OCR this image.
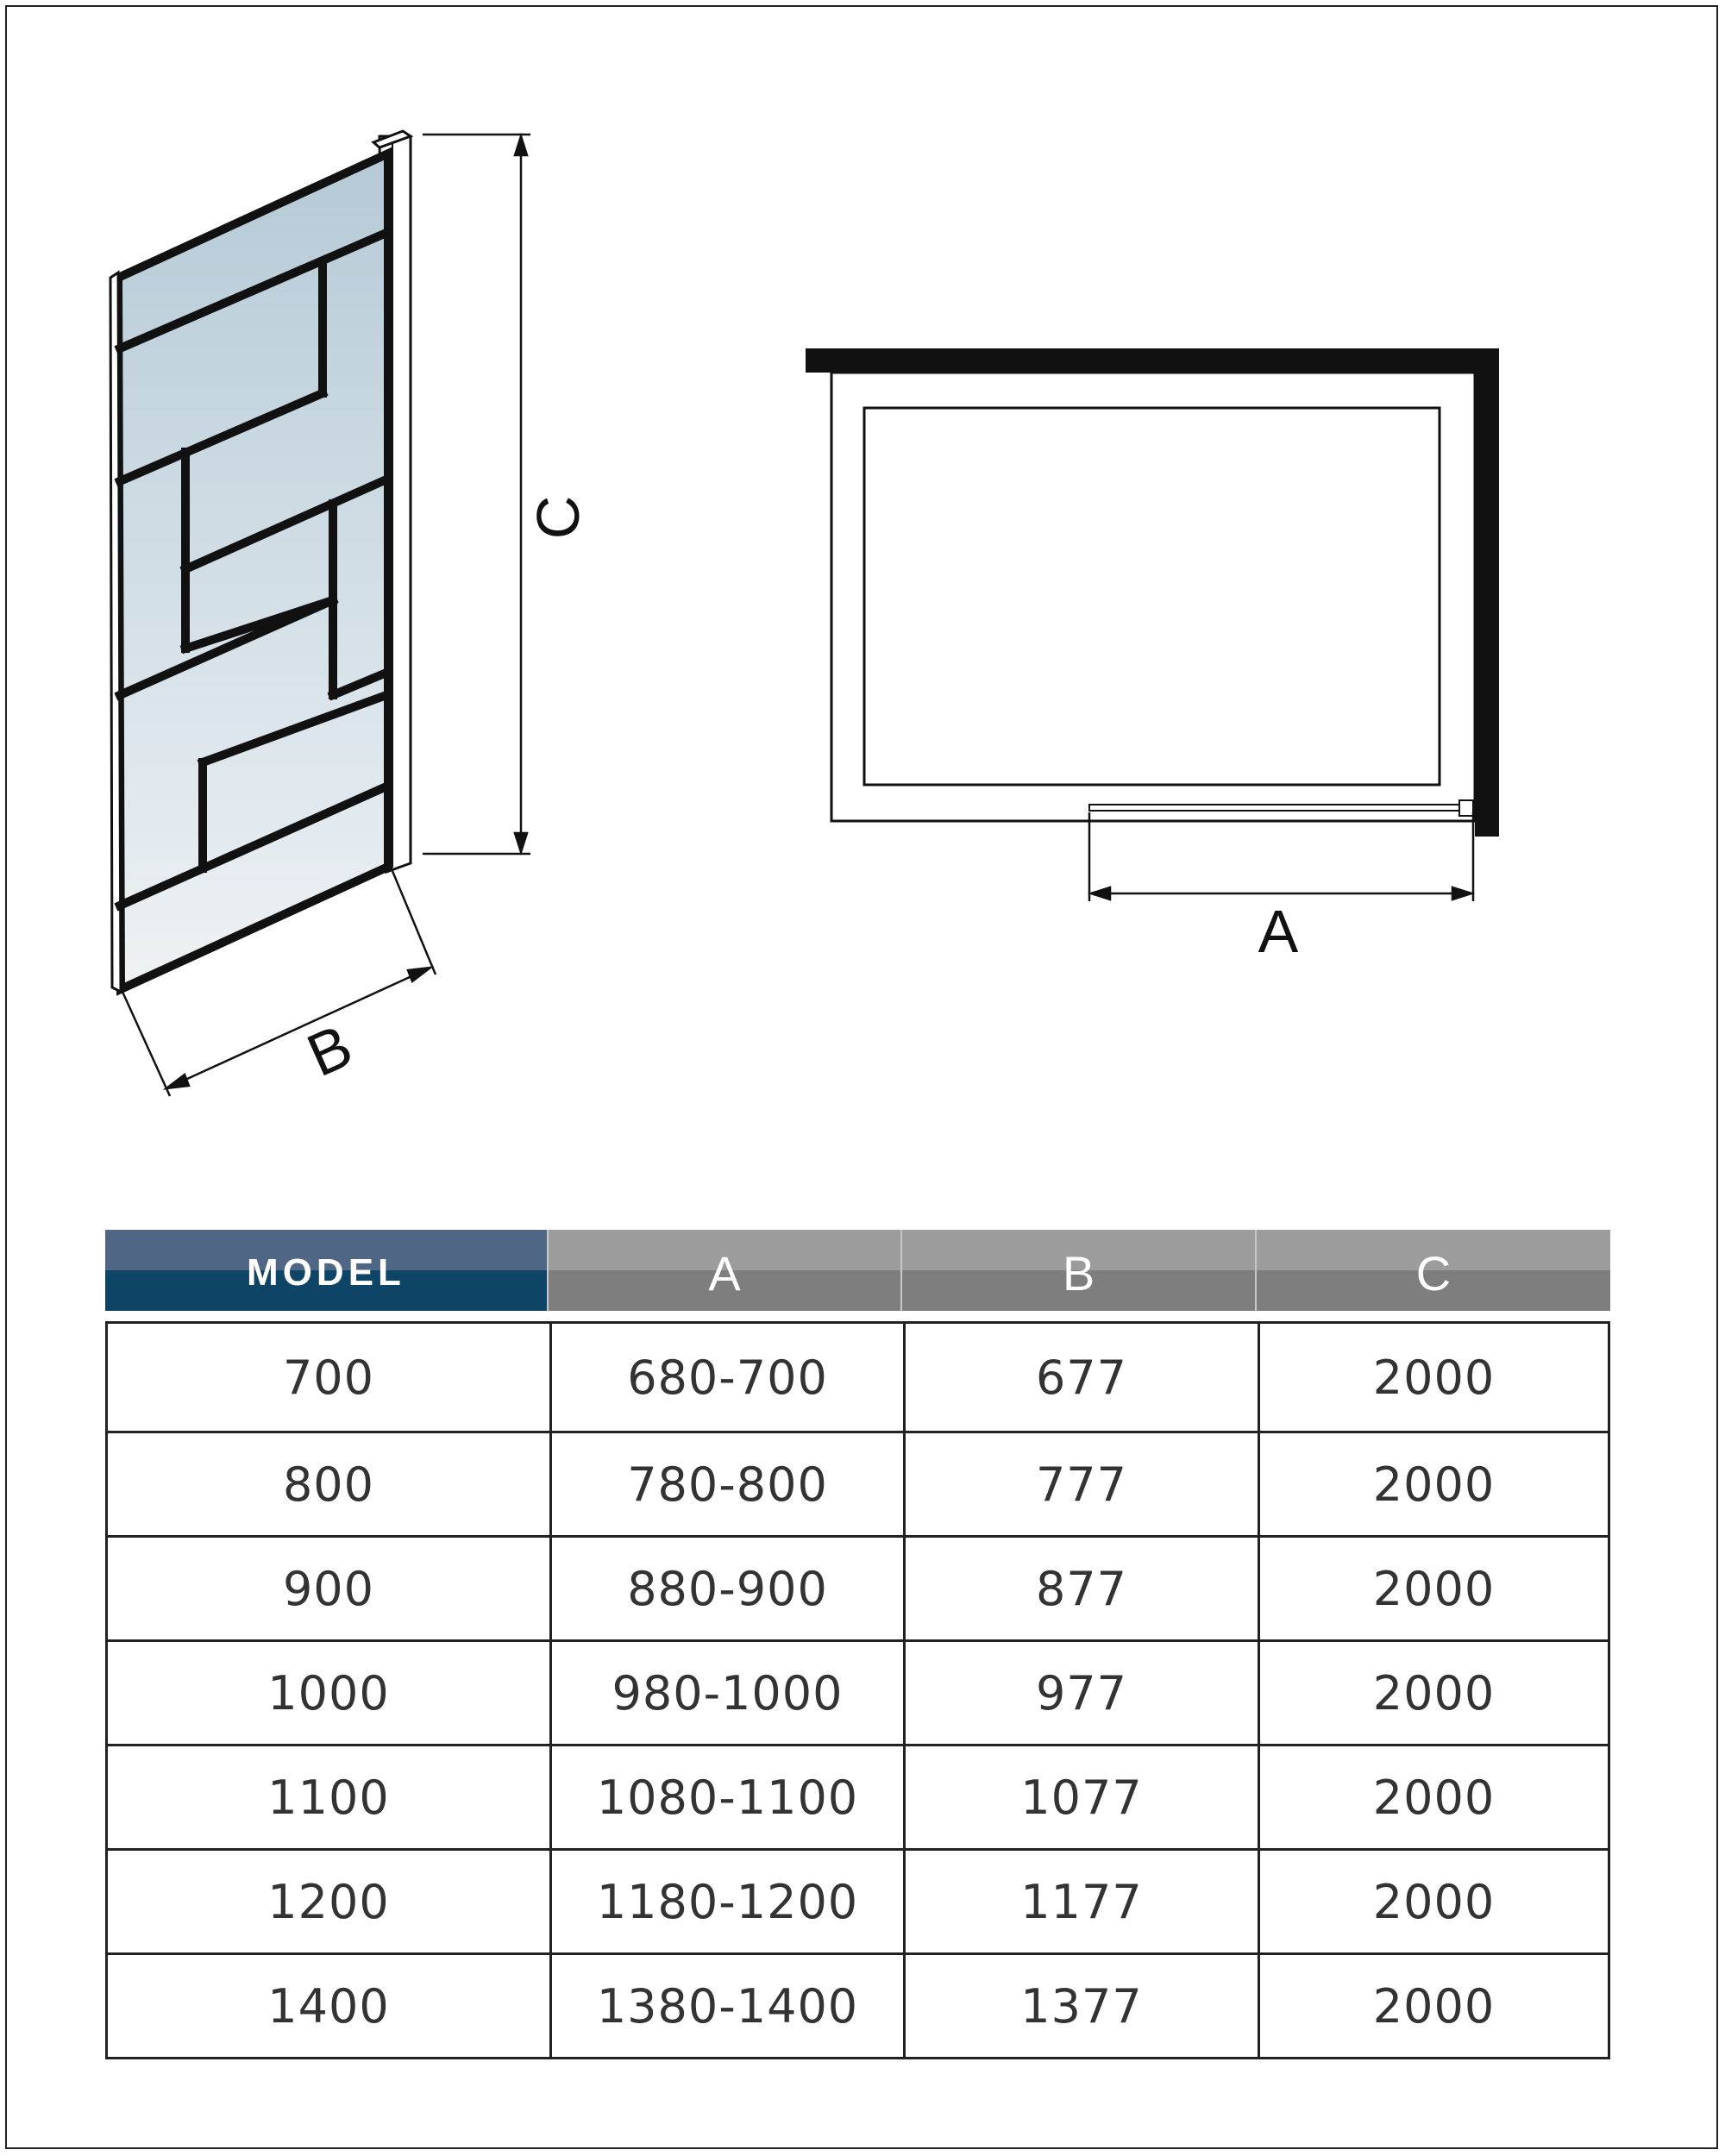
C
B
A
MODEL	A	B	C
700	680-700	677	2000
800	780-800	777	2000
900	880-900	877	2000
1000	980-1000	977	2000
1100	1080-1100	1077	2000
1200	1180-1200	1177	2000
1400	1380-1400	1377	2000
